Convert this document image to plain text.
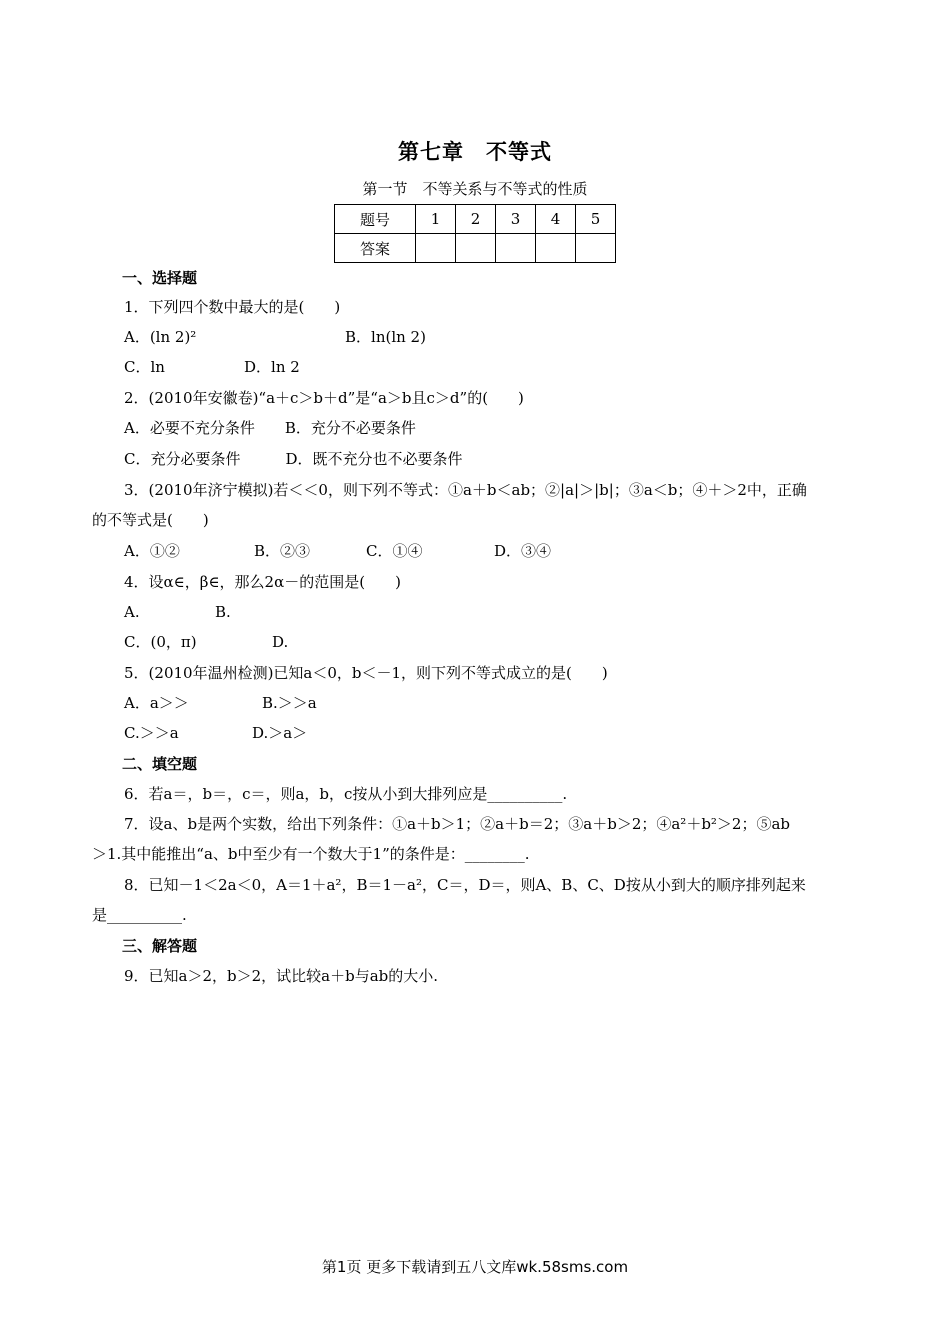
第七章　不等式
第一节　不等关系与不等式的性质
题号	1	2	3	4	5
答案					
一、选择题
1．下列四个数中最大的是(　　)
A．(ln 2)²	B．ln(ln 2)
C．ln	D．ln 2
2．(2010年安徽卷)“a＋c＞b＋d”是“a＞b且c＞d”的(　　)
A．必要不充分条件　　B．充分不必要条件
C．充分必要条件　　　D．既不充分也不必要条件
3．(2010年济宁模拟)若＜＜0，则下列不等式：①a＋b＜ab；②|a|＞|b|；③a＜b；④＋＞2中，正确
的不等式是(　　)
A．①②	B．②③	C．①④	D．③④
4．设α∈，β∈，那么2α－的范围是(　　)
A.	B.
C．(0，π)	D.
5．(2010年温州检测)已知a＜0，b＜－1，则下列不等式成立的是(　　)
A．a＞＞	B.＞＞a
C.＞＞a	D.＞a＞
二、填空题
6．若a＝，b＝，c＝，则a，b，c按从小到大排列应是__________.
7．设a、b是两个实数，给出下列条件：①a＋b＞1；②a＋b＝2；③a＋b＞2；④a²＋b²＞2；⑤ab
＞1.其中能推出“a、b中至少有一个数大于1”的条件是：________.
8．已知－1＜2a＜0，A＝1＋a²，B＝1－a²，C＝，D＝，则A、B、C、D按从小到大的顺序排列起来
是__________.
三、解答题
9．已知a＞2，b＞2，试比较a＋b与ab的大小.
第1页 更多下载请到五八文库wk.58sms.com
